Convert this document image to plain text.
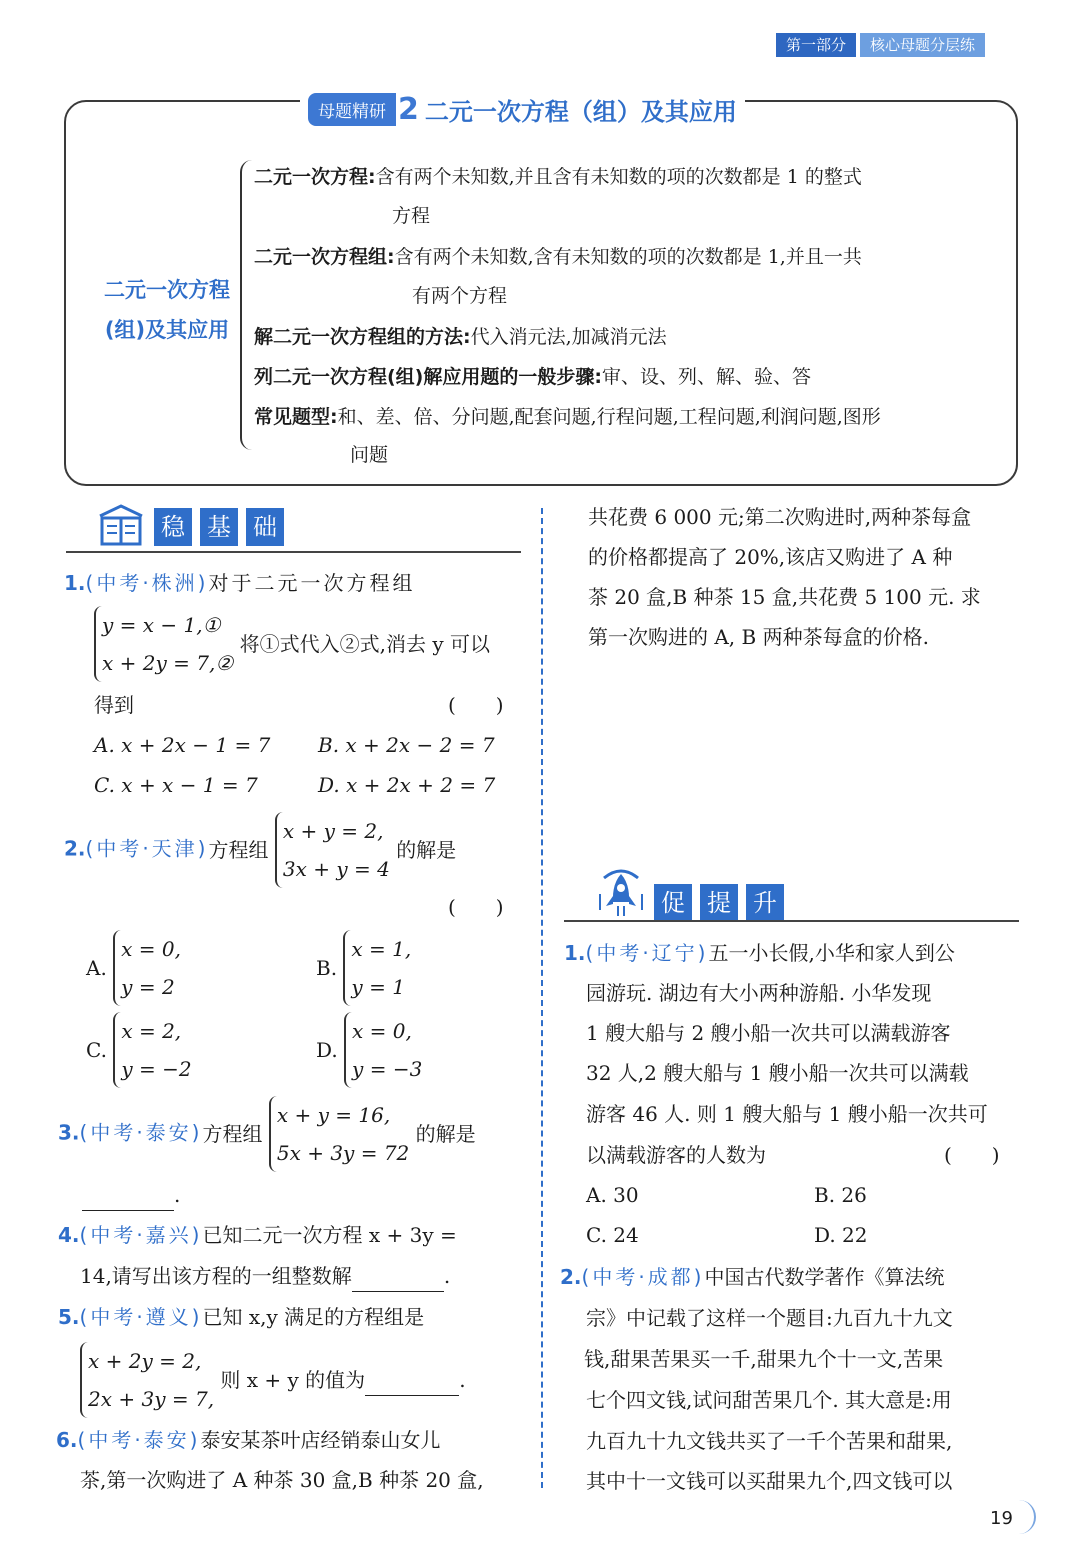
第一部分	核心母题分层练
母题精研 2 二元一次方程（组）及其应用
二元一次方程
(组)及其应用
二元一次方程:含有两个未知数,并且含有未知数的项的次数都是 1 的整式
方程
二元一次方程组:含有两个未知数,含有未知数的项的次数都是 1,并且一共
有两个方程
解二元一次方程组的方法:代入消元法,加减消元法
列二元一次方程(组)解应用题的一般步骤:审、设、列、解、验、答
常见题型:和、差、倍、分问题,配套问题,行程问题,工程问题,利润问题,图形
问题
稳 基 础
1.(中考·株洲)对于二元一次方程组
y = x − 1,①
x + 2y = 7,② 将①式代入②式,消去 y 可以
得到	(　　)
A. x + 2x − 1 = 7 B. x + 2x − 2 = 7
C. x + x − 1 = 7	D. x + 2x + 2 = 7
2.(中考·天津)方程组 x + y = 2,
3x + y = 4 的解是
(　　)
A. x = 0,
y = 2
B. x = 1,
y = 1
C. x = 2,
y = −2
D. x = 0,
y = −3
3.(中考·泰安)方程组 x + y = 16,
5x + 3y = 72 的解是
.
4.(中考·嘉兴)已知二元一次方程 x + 3y =
14,请写出该方程的一组整数解	.
5.(中考·遵义)已知 x,y 满足的方程组是
x + 2y = 2,
2x + 3y = 7, 则 x + y 的值为	.
6.(中考·泰安)泰安某茶叶店经销泰山女儿
茶,第一次购进了 A 种茶 30 盒,B 种茶 20 盒,
共花费 6 000 元;第二次购进时,两种茶每盒
的价格都提高了 20%,该店又购进了 A 种
茶 20 盒,B 种茶 15 盒,共花费 5 100 元. 求
第一次购进的 A, B 两种茶每盒的价格.
促 提 升
1.(中考·辽宁)五一小长假,小华和家人到公
园游玩. 湖边有大小两种游船. 小华发现
1 艘大船与 2 艘小船一次共可以满载游客
32 人,2 艘大船与 1 艘小船一次共可以满载
游客 46 人. 则 1 艘大船与 1 艘小船一次共可
以满载游客的人数为	(　　)
A. 30	B. 26
C. 24	D. 22
2.(中考·成都)中国古代数学著作《算法统
宗》中记载了这样一个题目:九百九十九文
钱,甜果苦果买一千,甜果九个十一文,苦果
七个四文钱,试问甜苦果几个. 其大意是:用
九百九十九文钱共买了一千个苦果和甜果,
其中十一文钱可以买甜果九个,四文钱可以
19
